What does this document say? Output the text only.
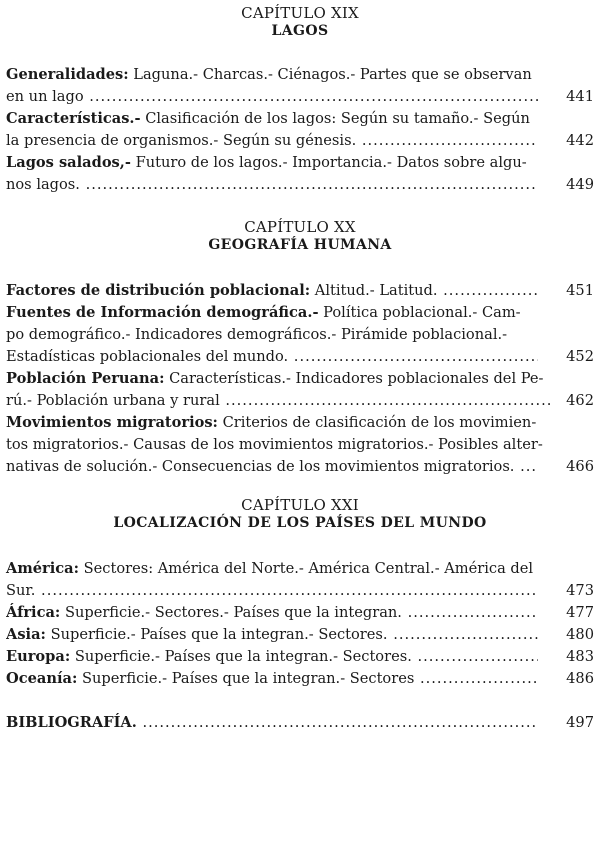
CAPÍTULO XIX
LAGOS
Generalidades: Laguna.- Charcas.- Ciénagos.- Partes que se observan
en un lago .....	441
Características.- Clasificación de los lagos: Según su tamaño.- Según
la presencia de organismos.- Según su génesis. .....	442
Lagos salados,- Futuro de los lagos.- Importancia.- Datos sobre algu-
nos lagos. .....	449
CAPÍTULO XX
GEOGRAFÍA HUMANA
Factores de distribución poblacional: Altitud.- Latitud. .....	451
Fuentes de Información demográfica.- Política poblacional.- Cam-
po demográfico.- Indicadores demográficos.- Pirámide poblacional.-
Estadísticas poblacionales del mundo. .....	452
Población Peruana: Características.- Indicadores poblacionales del Pe-
rú.- Población urbana y rural .....	462
Movimientos migratorios: Criterios de clasificación de los movimien-
tos migratorios.- Causas de los movimientos migratorios.- Posibles alter-
nativas de solución.- Consecuencias de los movimientos migratorios. .....	466
CAPÍTULO XXI
LOCALIZACIÓN DE LOS PAÍSES DEL MUNDO
América: Sectores: América del Norte.- América Central.- América del
Sur. .....	473
África: Superficie.- Sectores.- Países que la integran. .....	477
Asia: Superficie.- Países que la integran.- Sectores. .....	480
Europa: Superficie.- Países que la integran.- Sectores. .....	483
Oceanía: Superficie.- Países que la integran.- Sectores .....	486
BIBLIOGRAFÍA. .....	497
